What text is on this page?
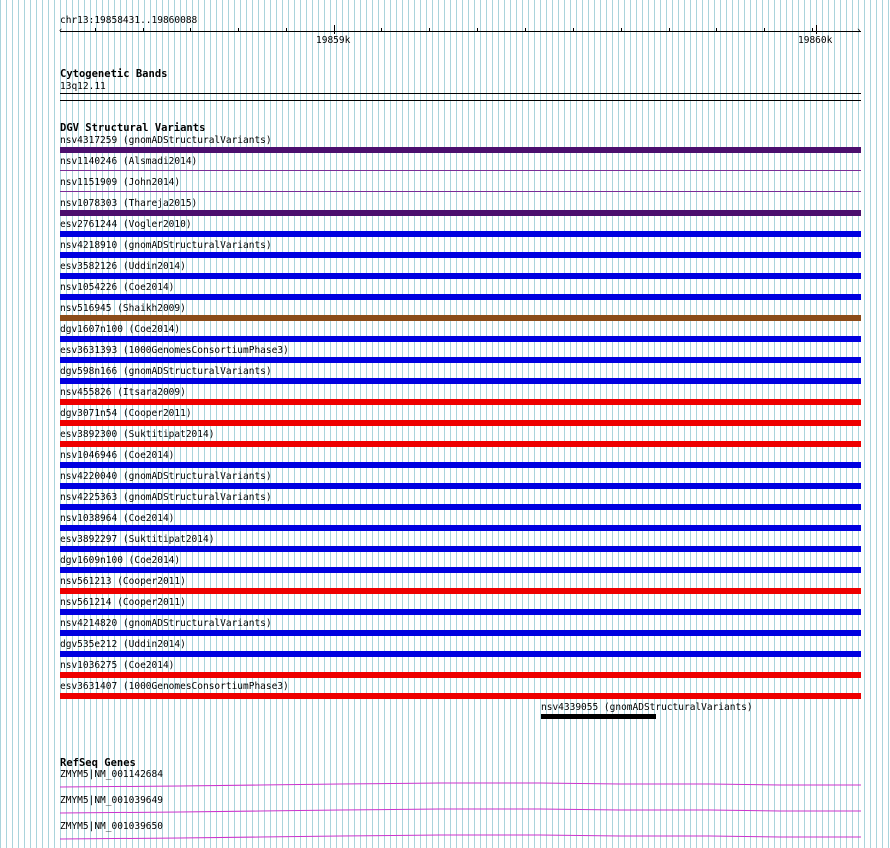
chr13:19858431..19860088
‹	›
19859k	19860k
Cytogenetic Bands
13q12.11
DGV Structural Variants
nsv4317259 (gnomADStructuralVariants)
nsv1140246 (Alsmadi2014)
nsv1151909 (John2014)
nsv1078303 (Thareja2015)
esv2761244 (Vogler2010)
nsv4218910 (gnomADStructuralVariants)
esv3582126 (Uddin2014)
nsv1054226 (Coe2014)
nsv516945 (Shaikh2009)
dgv1607n100 (Coe2014)
esv3631393 (1000GenomesConsortiumPhase3)
dgv598n166 (gnomADStructuralVariants)
nsv455826 (Itsara2009)
dgv3071n54 (Cooper2011)
esv3892300 (Suktitipat2014)
nsv1046946 (Coe2014)
nsv4220040 (gnomADStructuralVariants)
nsv4225363 (gnomADStructuralVariants)
nsv1038964 (Coe2014)
esv3892297 (Suktitipat2014)
dgv1609n100 (Coe2014)
nsv561213 (Cooper2011)
nsv561214 (Cooper2011)
nsv4214820 (gnomADStructuralVariants)
dgv535e212 (Uddin2014)
nsv1036275 (Coe2014)
esv3631407 (1000GenomesConsortiumPhase3)
nsv4339055 (gnomADStructuralVariants)
RefSeq Genes
ZMYM5|NM_001142684
ZMYM5|NM_001039649
ZMYM5|NM_001039650
